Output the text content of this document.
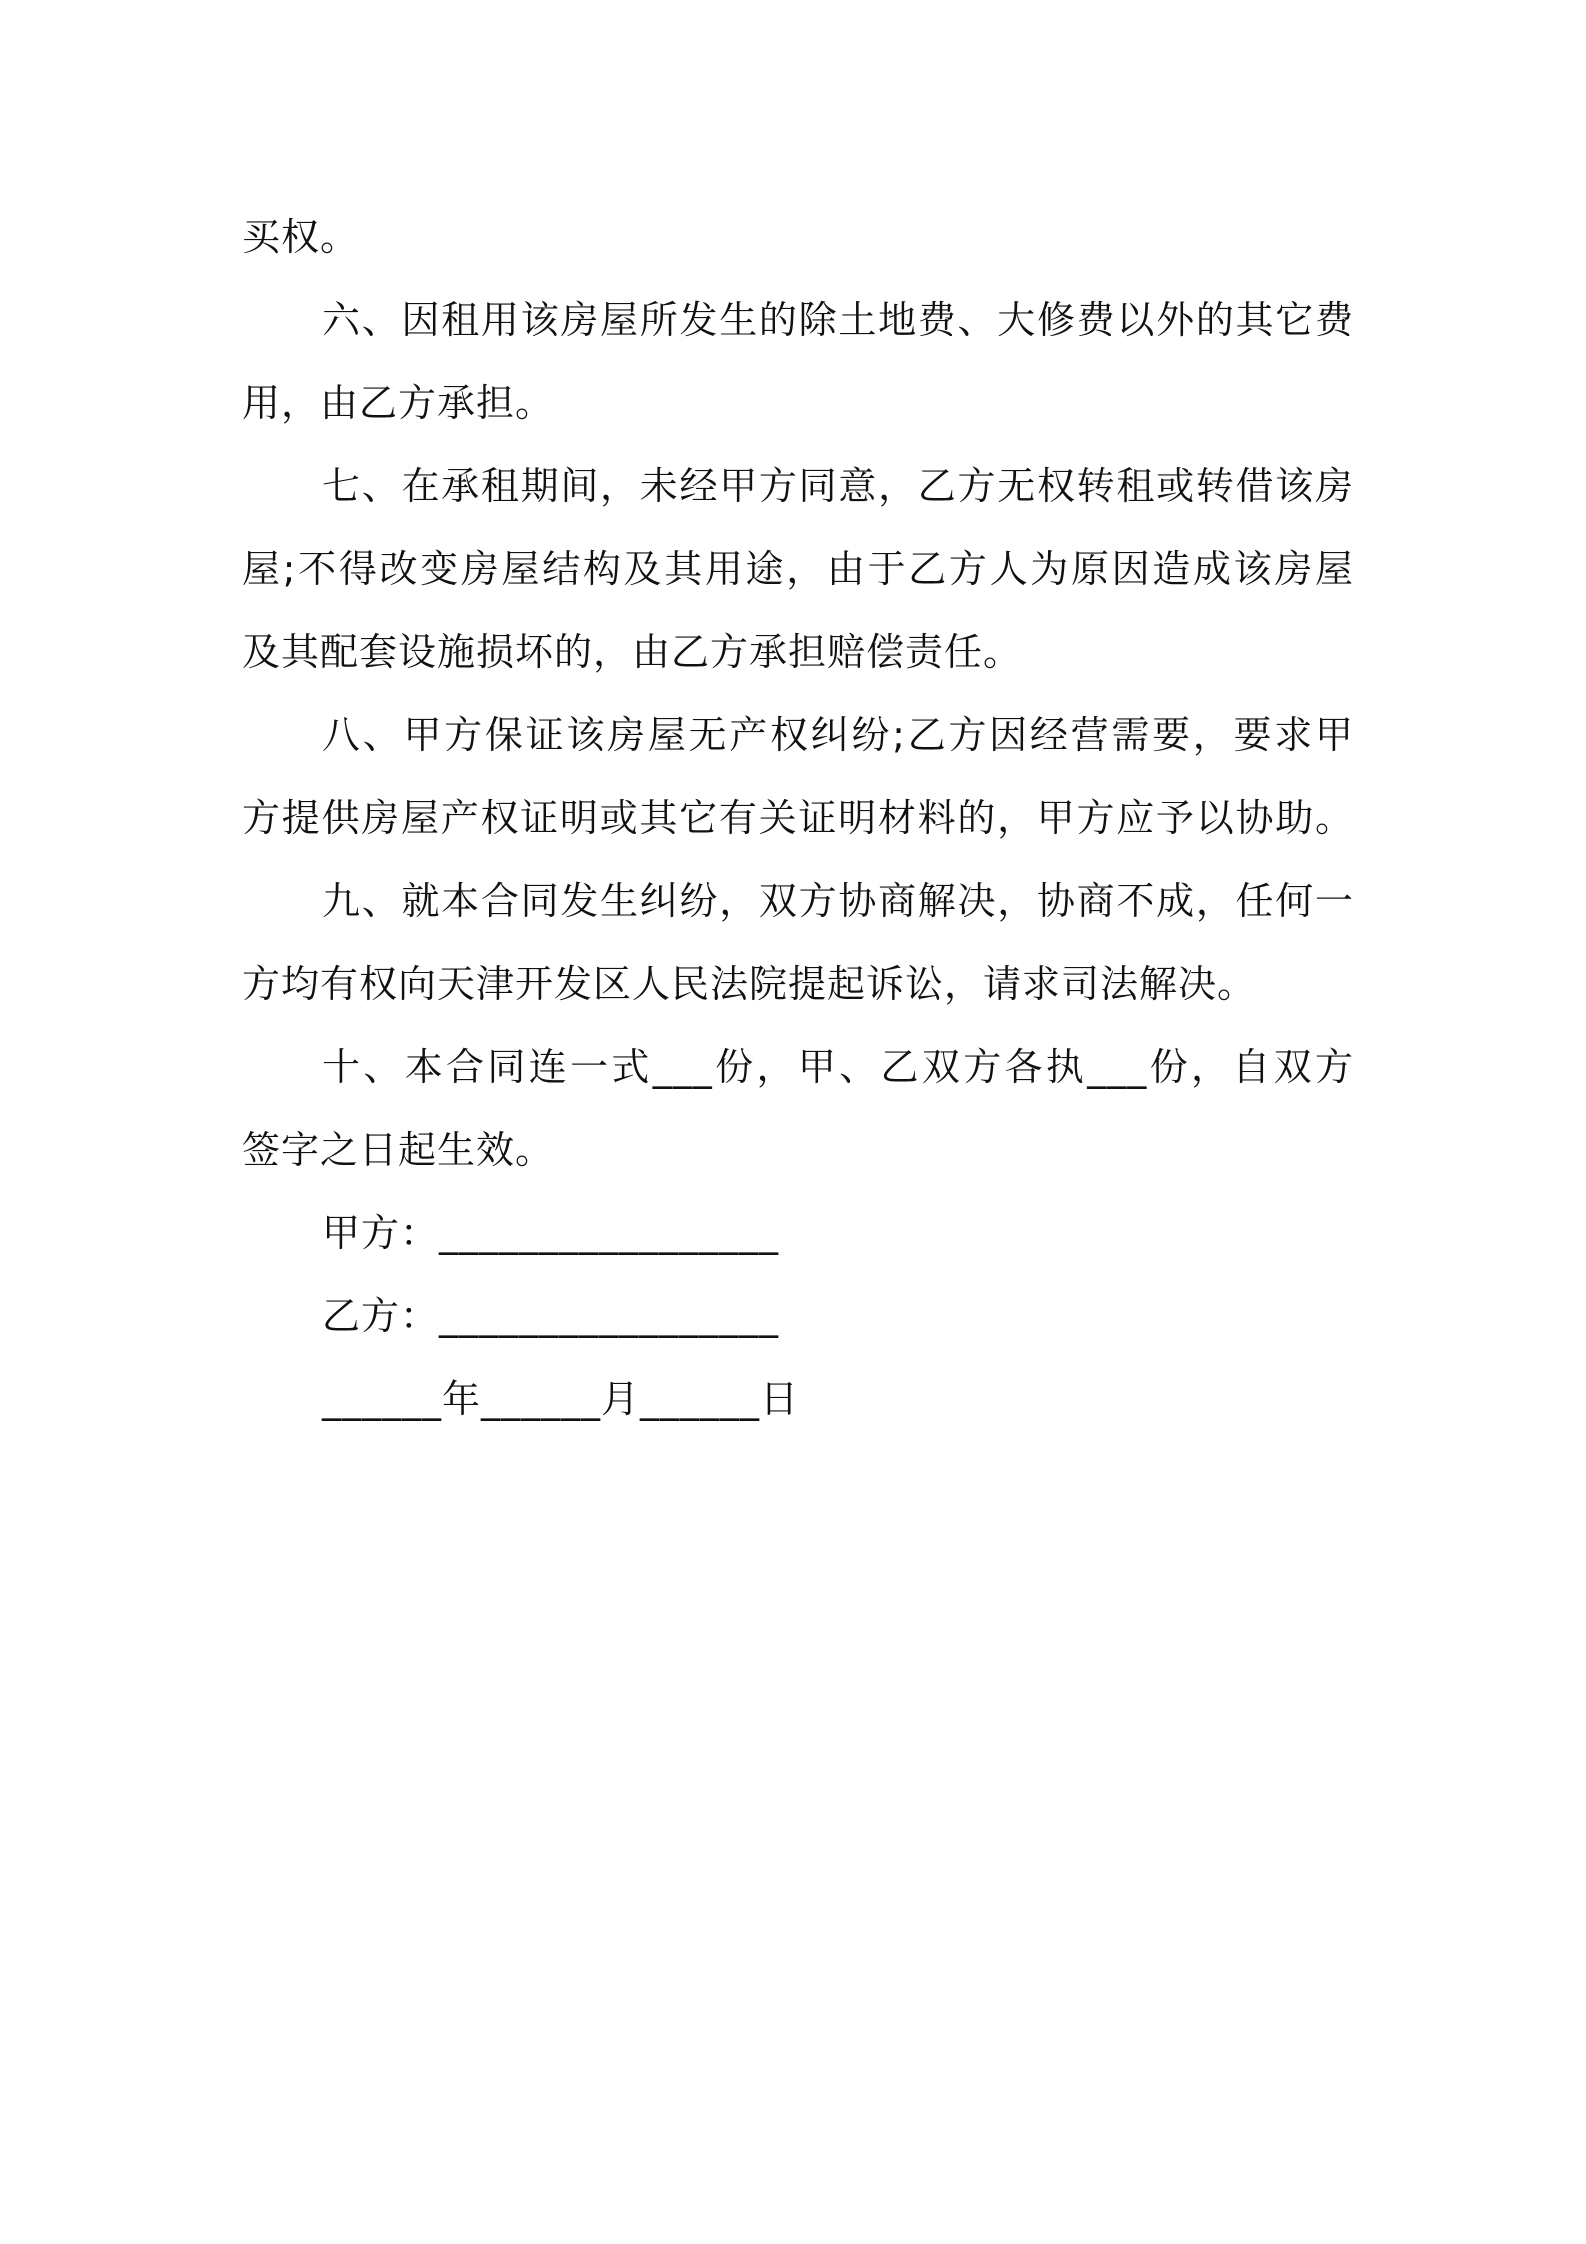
买权。
六、因租用该房屋所发生的除土地费、大修费以外的其它费
用，由乙方承担。
七、在承租期间，未经甲方同意，乙方无权转租或转借该房
屋;不得改变房屋结构及其用途，由于乙方人为原因造成该房屋
及其配套设施损坏的，由乙方承担赔偿责任。
八、甲方保证该房屋无产权纠纷;乙方因经营需要，要求甲
方提供房屋产权证明或其它有关证明材料的，甲方应予以协助。
九、就本合同发生纠纷，双方协商解决，协商不成，任何一
方均有权向天津开发区人民法院提起诉讼，请求司法解决。
十、本合同连一式___份，甲、乙双方各执___份，自双方
签字之日起生效。
甲方：_________________
乙方：_________________
______年______月______日
